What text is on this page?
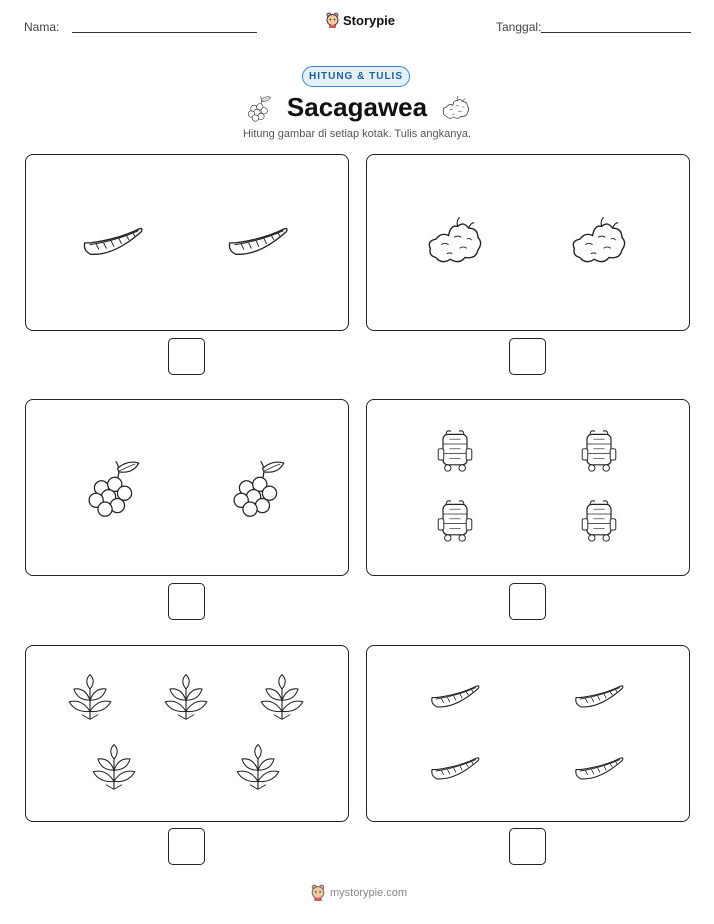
Nama:	Storypie	Tanggal:
HITUNG & TULIS
Sacagawea
Hitung gambar di setiap kotak. Tulis angkanya.
mystorypie.com
